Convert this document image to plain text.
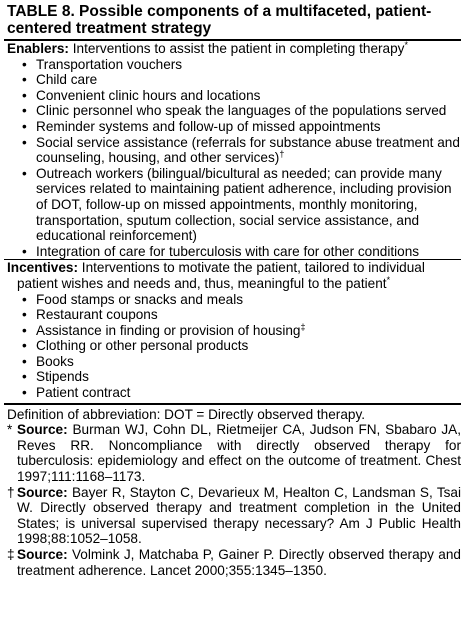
TABLE 8. Possible components of a multifaceted, patient-
centered treatment strategy
Enablers: Interventions to assist the patient in completing therapy*
• Transportation vouchers
• Child care
• Convenient clinic hours and locations
• Clinic personnel who speak the languages of the populations served
• Reminder systems and follow-up of missed appointments
• Social service assistance (referrals for substance abuse treatment and counseling, housing, and other services)†
• Outreach workers (bilingual/bicultural as needed; can provide many services related to maintaining patient adherence, including provision of DOT, follow-up on missed appointments, monthly monitoring, transportation, sputum collection, social service assistance, and educational reinforcement)
• Integration of care for tuberculosis with care for other conditions
Incentives: Interventions to motivate the patient, tailored to individual patient wishes and needs and, thus, meaningful to the patient*
• Food stamps or snacks and meals
• Restaurant coupons
• Assistance in finding or provision of housing‡
• Clothing or other personal products
• Books
• Stipends
• Patient contract
Definition of abbreviation: DOT = Directly observed therapy.
* Source: Burman WJ, Cohn DL, Rietmeijer CA, Judson FN, Sbabaro JA, Reves RR. Noncompliance with directly observed therapy for tuberculosis: epidemiology and effect on the outcome of treatment. Chest 1997;111:1168–1173.
† Source: Bayer R, Stayton C, Devarieux M, Healton C, Landsman S, Tsai W. Directly observed therapy and treatment completion in the United States; is universal supervised therapy necessary? Am J Public Health 1998;88:1052–1058.
‡ Source: Volmink J, Matchaba P, Gainer P. Directly observed therapy and treatment adherence. Lancet 2000;355:1345–1350.
